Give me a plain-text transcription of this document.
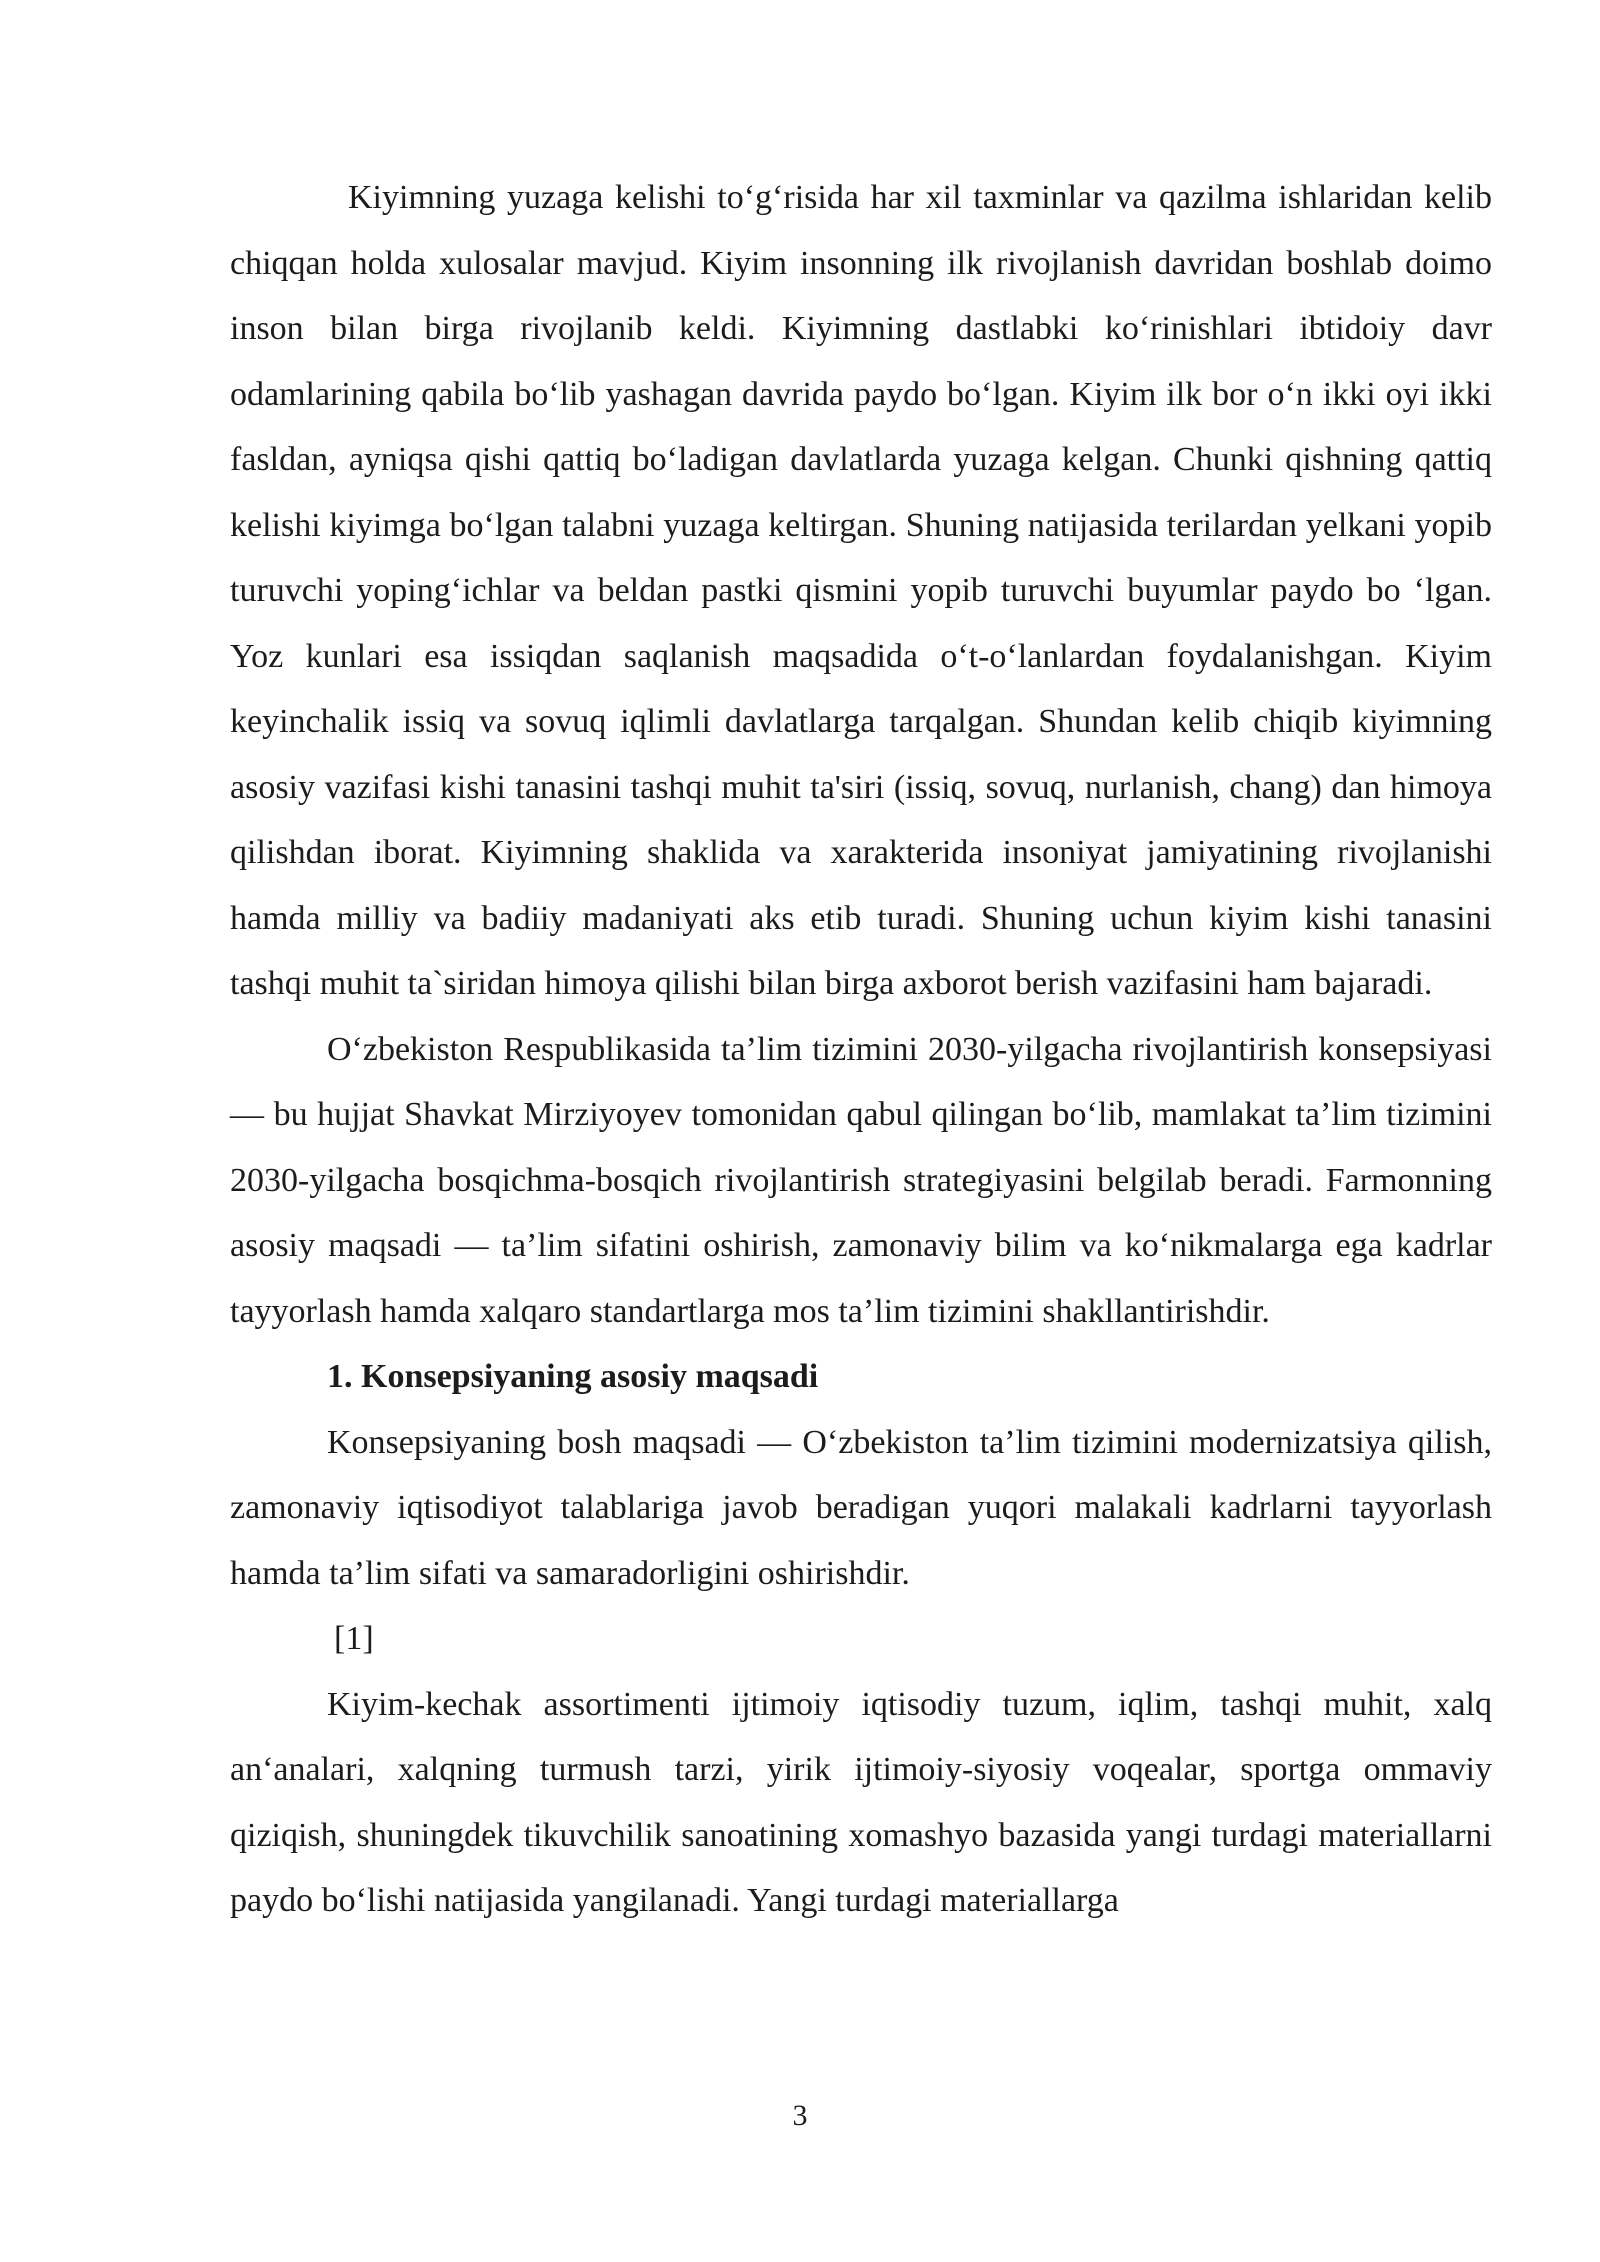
Kiyimning yuzaga kelishi to‘g‘risida har xil taxminlar va qazilma ishlaridan kelib chiqqan holda xulosalar mavjud. Kiyim insonning ilk rivojlanish davridan boshlab doimo inson bilan birga rivojlanib keldi. Kiyimning dastlabki ko‘rinishlari ibtidoiy davr odamlarining qabila bo‘lib yashagan davrida paydo bo‘lgan. Kiyim ilk bor o‘n ikki oyi ikki fasldan, ayniqsa qishi qattiq bo‘ladigan davlatlarda yuzaga kelgan. Chunki qishning qattiq kelishi kiyimga bo‘lgan talabni yuzaga keltirgan. Shuning natijasida terilardan yelkani yopib turuvchi yoping‘ichlar va beldan pastki qismini yopib turuvchi buyumlar paydo bo ‘lgan. Yoz kunlari esa issiqdan saqlanish maqsadida o‘t-o‘lanlardan foydalanishgan. Kiyim keyinchalik issiq va sovuq iqlimli davlatlarga tarqalgan. Shundan kelib chiqib kiyimning asosiy vazifasi kishi tanasini tashqi muhit ta'siri (issiq, sovuq, nurlanish, chang) dan himoya qilishdan iborat. Kiyimning shaklida va xarakterida insoniyat jamiyatining rivojlanishi hamda milliy va badiiy madaniyati aks etib turadi. Shuning uchun kiyim kishi tanasini tashqi muhit ta`siridan himoya qilishi bilan birga axborot berish vazifasini ham bajaradi.

O‘zbekiston Respublikasida ta’lim tizimini 2030-yilgacha rivojlantirish konsepsiyasi — bu hujjat Shavkat Mirziyoyev tomonidan qabul qilingan bo‘lib, mamlakat ta’lim tizimini 2030-yilgacha bosqichma-bosqich rivojlantirish strategiyasini belgilab beradi. Farmonning asosiy maqsadi — ta’lim sifatini oshirish, zamonaviy bilim va ko‘nikmalarga ega kadrlar tayyorlash hamda xalqaro standartlarga mos ta’lim tizimini shakllantirishdir.

1. Konsepsiyaning asosiy maqsadi

Konsepsiyaning bosh maqsadi — O‘zbekiston ta’lim tizimini modernizatsiya qilish, zamonaviy iqtisodiyot talablariga javob beradigan yuqori malakali kadrlarni tayyorlash hamda ta’lim sifati va samaradorligini oshirishdir.

[1]

Kiyim-kechak assortimenti ijtimoiy iqtisodiy tuzum, iqlim, tashqi muhit, xalq an‘analari, xalqning turmush tarzi, yirik ijtimoiy-siyosiy voqealar, sportga ommaviy qiziqish, shuningdek tikuvchilik sanoatining xomashyo bazasida yangi turdagi materiallarni paydo bo‘lishi natijasida yangilanadi. Yangi turdagi materiallarga

3
